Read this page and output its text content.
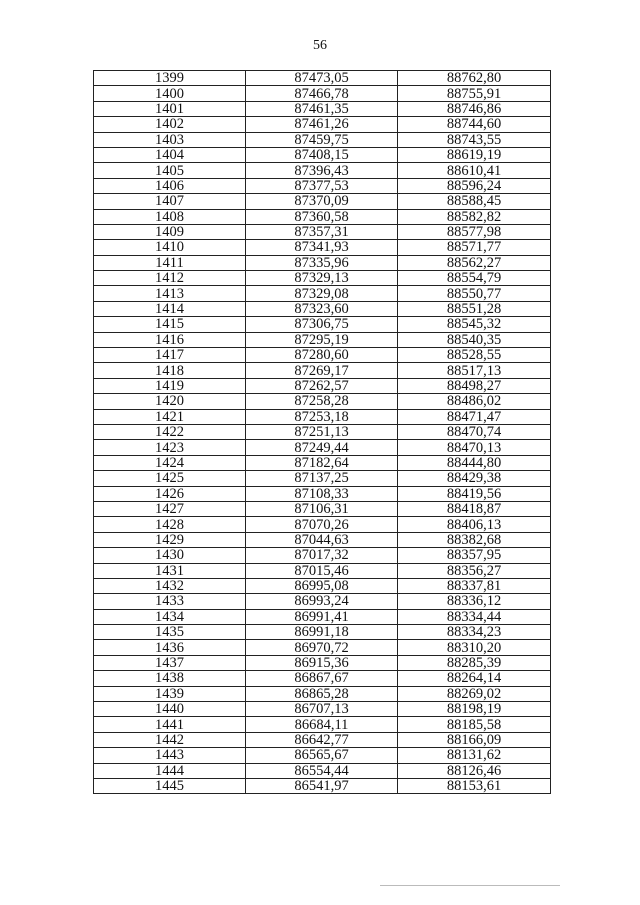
56
1399	87473,05	88762,80
1400	87466,78	88755,91
1401	87461,35	88746,86
1402	87461,26	88744,60
1403	87459,75	88743,55
1404	87408,15	88619,19
1405	87396,43	88610,41
1406	87377,53	88596,24
1407	87370,09	88588,45
1408	87360,58	88582,82
1409	87357,31	88577,98
1410	87341,93	88571,77
1411	87335,96	88562,27
1412	87329,13	88554,79
1413	87329,08	88550,77
1414	87323,60	88551,28
1415	87306,75	88545,32
1416	87295,19	88540,35
1417	87280,60	88528,55
1418	87269,17	88517,13
1419	87262,57	88498,27
1420	87258,28	88486,02
1421	87253,18	88471,47
1422	87251,13	88470,74
1423	87249,44	88470,13
1424	87182,64	88444,80
1425	87137,25	88429,38
1426	87108,33	88419,56
1427	87106,31	88418,87
1428	87070,26	88406,13
1429	87044,63	88382,68
1430	87017,32	88357,95
1431	87015,46	88356,27
1432	86995,08	88337,81
1433	86993,24	88336,12
1434	86991,41	88334,44
1435	86991,18	88334,23
1436	86970,72	88310,20
1437	86915,36	88285,39
1438	86867,67	88264,14
1439	86865,28	88269,02
1440	86707,13	88198,19
1441	86684,11	88185,58
1442	86642,77	88166,09
1443	86565,67	88131,62
1444	86554,44	88126,46
1445	86541,97	88153,61
